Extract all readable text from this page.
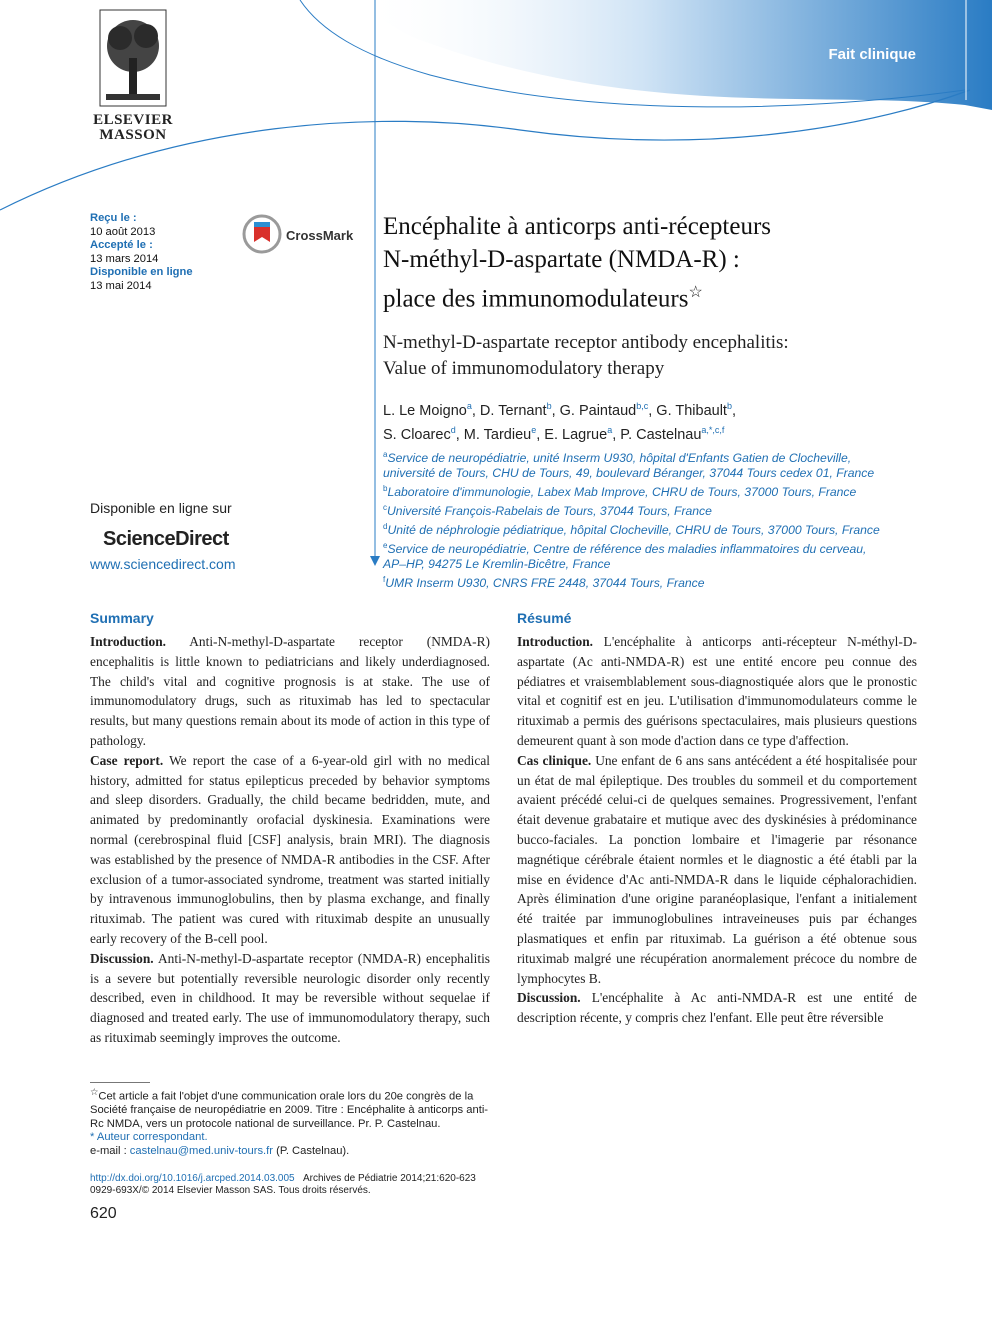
ELSEVIER
MASSON
Fait clinique
Reçu le :
10 août 2013
Accepté le :
13 mars 2014
Disponible en ligne
13 mai 2014
CrossMark Encéphalite à anticorps anti-récepteurs
N-méthyl-D-aspartate (NMDA-R) :
place des immunomodulateurs☆
N-methyl-D-aspartate receptor antibody encephalitis:
Value of immunomodulatory therapy
L. Le Moigno$^a$, D. Ternant$^b$, G. Paintaud$^{b,c}$, G. Thibault$^b$,
S. Cloarec$^d$, M. Tardieu$^e$, E. Lagrue$^a$, P. Castelnau$^{a,*,c,f}$
$^a$Service de neuropédiatrie, unité Inserm U930, hôpital d'Enfants Gatien de Clocheville,
université de Tours, CHU de Tours, 49, boulevard Béranger, 37044 Tours cedex 01, France
$^b$Laboratoire d'immunologie, Labex Mab Improve, CHRU de Tours, 37000 Tours, France
$^c$Université François-Rabelais de Tours, 37044 Tours, France
$^d$Unité de néphrologie pédiatrique, hôpital Clocheville, CHRU de Tours, 37000 Tours, France
$^e$Service de neuropédiatrie, Centre de référence des maladies inflammatoires du cerveau,
AP–HP, 94275 Le Kremlin-Bicêtre, France
$^f$UMR Inserm U930, CNRS FRE 2448, 37044 Tours, France
Disponible en ligne sur
ScienceDirect
www.sciencedirect.com
Summary

Introduction. Anti-N-methyl-D-aspartate receptor (NMDA-R) encephalitis is little known to pediatricians and likely underdiagnosed. The child's vital and cognitive prognosis is at stake. The use of immunomodulatory drugs, such as rituximab has led to spectacular results, but many questions remain about its mode of action in this type of pathology.

Case report. We report the case of a 6-year-old girl with no medical history, admitted for status epilepticus preceded by behavior symptoms and sleep disorders. Gradually, the child became bedridden, mute, and animated by predominantly orofacial dyskinesia. Examinations were normal (cerebrospinal fluid [CSF] analysis, brain MRI). The diagnosis was established by the presence of NMDA-R antibodies in the CSF. After exclusion of a tumor-associated syndrome, treatment was started initially by intravenous immunoglobulins, then by plasma exchange, and finally rituximab. The patient was cured with rituximab despite an unusually early recovery of the B-cell pool.

Discussion. Anti-N-methyl-D-aspartate receptor (NMDA-R) encephalitis is a severe but potentially reversible neurologic disorder only recently described, even in childhood. It may be reversible without sequelae if diagnosed and treated early. The use of immunomodulatory therapy, such as rituximab seemingly improves the outcome.

Résumé

Introduction. L'encéphalite à anticorps anti-récepteur N-méthyl-D-aspartate (Ac anti-NMDA-R) est une entité encore peu connue des pédiatres et vraisemblablement sous-diagnostiquée alors que le pronostic vital et cognitif est en jeu. L'utilisation d'immunomodulateurs comme le rituximab a permis des guérisons spectaculaires, mais plusieurs questions demeurent quant à son mode d'action dans ce type d'affection.

Cas clinique. Une enfant de 6 ans sans antécédent a été hospitalisée pour un état de mal épileptique. Des troubles du sommeil et du comportement avaient précédé celui-ci de quelques semaines. Progressivement, l'enfant était devenue grabataire et mutique avec des dyskinésies à prédominance bucco-faciales. La ponction lombaire et l'imagerie par résonance magnétique cérébrale étaient normles et le diagnostic a été établi par la mise en évidence d'Ac anti-NMDA-R dans le liquide céphalorachidien. Après élimination d'une origine paranéoplasique, l'enfant a initialement été traitée par immunoglobulines intraveineuses puis par échanges plasmatiques et enfin par rituximab. La guérison a été obtenue sous rituximab malgré une récupération anormalement précoce du nombre de lymphocytes B.

Discussion. L'encéphalite à Ac anti-NMDA-R est une entité de description récente, y compris chez l'enfant. Elle peut être réversible

☆Cet article a fait l'objet d'une communication orale lors du 20e congrès de la Société française de neuropédiatrie en 2009. Titre : Encéphalite à anticorps anti-Rc NMDA, vers un protocole national de surveillance. Pr. P. Castelnau.
* Auteur correspondant.
e-mail : castelnau@med.univ-tours.fr (P. Castelnau).
http://dx.doi.org/10.1016/j.arcped.2014.03.005 Archives de Pédiatrie 2014;21:620-623
0929-693X/© 2014 Elsevier Masson SAS. Tous droits réservés.
620
